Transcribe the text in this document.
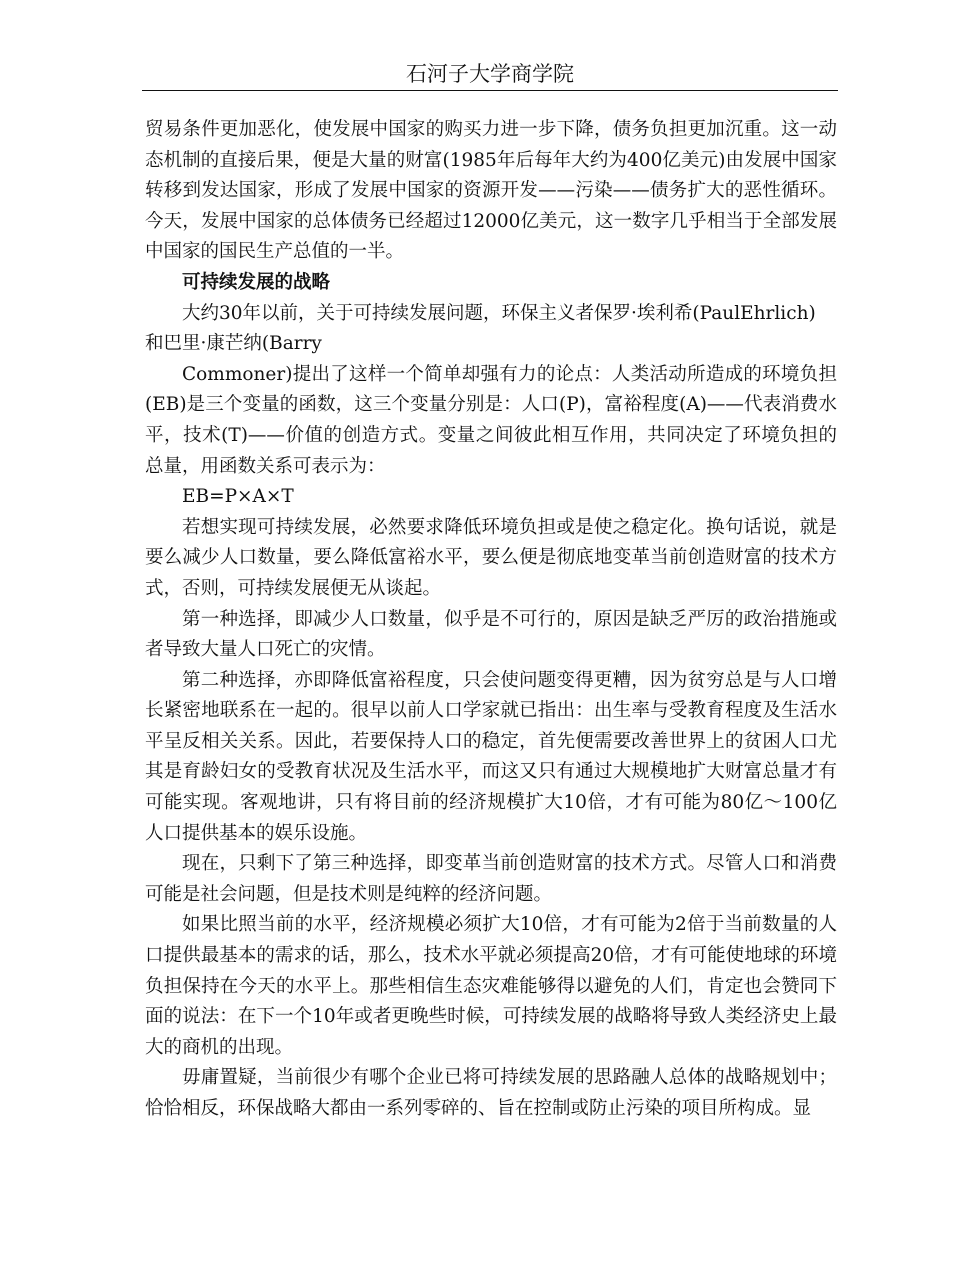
石河子大学商学院

贸易条件更加恶化，使发展中国家的购买力进一步下降，债务负担更加沉重。这一动态机制的直接后果，便是大量的财富(1985年后每年大约为400亿美元)由发展中国家转移到发达国家，形成了发展中国家的资源开发——污染——债务扩大的恶性循环。今天，发展中国家的总体债务已经超过12000亿美元，这一数字几乎相当于全部发展中国家的国民生产总值的一半。

可持续发展的战略

大约30年以前，关于可持续发展问题，环保主义者保罗·埃利希(PaulEhrlich)

和巴里·康芒纳(Barry

Commoner)提出了这样一个简单却强有力的论点：人类活动所造成的环境负担(EB)是三个变量的函数，这三个变量分别是：人口(P)，富裕程度(A)——代表消费水平，技术(T)——价值的创造方式。变量之间彼此相互作用，共同决定了环境负担的总量，用函数关系可表示为：

EB=P×A×T

若想实现可持续发展，必然要求降低环境负担或是使之稳定化。换句话说，就是要么减少人口数量，要么降低富裕水平，要么便是彻底地变革当前创造财富的技术方式，否则，可持续发展便无从谈起。

第一种选择，即减少人口数量，似乎是不可行的，原因是缺乏严厉的政治措施或者导致大量人口死亡的灾情。

第二种选择，亦即降低富裕程度，只会使问题变得更糟，因为贫穷总是与人口增长紧密地联系在一起的。很早以前人口学家就已指出：出生率与受教育程度及生活水平呈反相关关系。因此，若要保持人口的稳定，首先便需要改善世界上的贫困人口尤其是育龄妇女的受教育状况及生活水平，而这又只有通过大规模地扩大财富总量才有可能实现。客观地讲，只有将目前的经济规模扩大10倍，才有可能为80亿～100亿人口提供基本的娱乐设施。

现在，只剩下了第三种选择，即变革当前创造财富的技术方式。尽管人口和消费可能是社会问题，但是技术则是纯粹的经济问题。

如果比照当前的水平，经济规模必须扩大10倍，才有可能为2倍于当前数量的人口提供最基本的需求的话，那么，技术水平就必须提高20倍，才有可能使地球的环境负担保持在今天的水平上。那些相信生态灾难能够得以避免的人们，肯定也会赞同下面的说法：在下一个10年或者更晚些时候，可持续发展的战略将导致人类经济史上最大的商机的出现。

毋庸置疑，当前很少有哪个企业已将可持续发展的思路融人总体的战略规划中；恰恰相反，环保战略大都由一系列零碎的、旨在控制或防止污染的项目所构成。显
